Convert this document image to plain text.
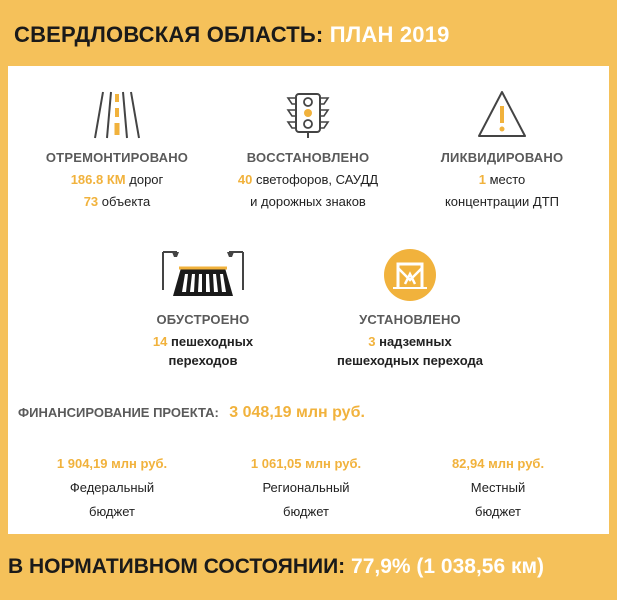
СВЕРДЛОВСКАЯ ОБЛАСТЬ: ПЛАН 2019
ОТРЕМОНТИРОВАНО
186.8 КМ дорог
73 объекта
ВОССТАНОВЛЕНО
40 светофоров, САУДД
и дорожных знаков
ЛИКВИДИРОВАНО
1 место
концентрации ДТП
ОБУСТРОЕНО
14 пешеходных
переходов
УСТАНОВЛЕНО
3 надземных
пешеходных перехода
ФИНАНСИРОВАНИЕ ПРОЕКТА: 3 048,19 млн руб.
1 904,19 млн руб.
Федеральный
бюджет
1 061,05 млн руб.
Региональный
бюджет
82,94 млн руб.
Местный
бюджет
В НОРМАТИВНОМ СОСТОЯНИИ: 77,9% (1 038,56 км)
